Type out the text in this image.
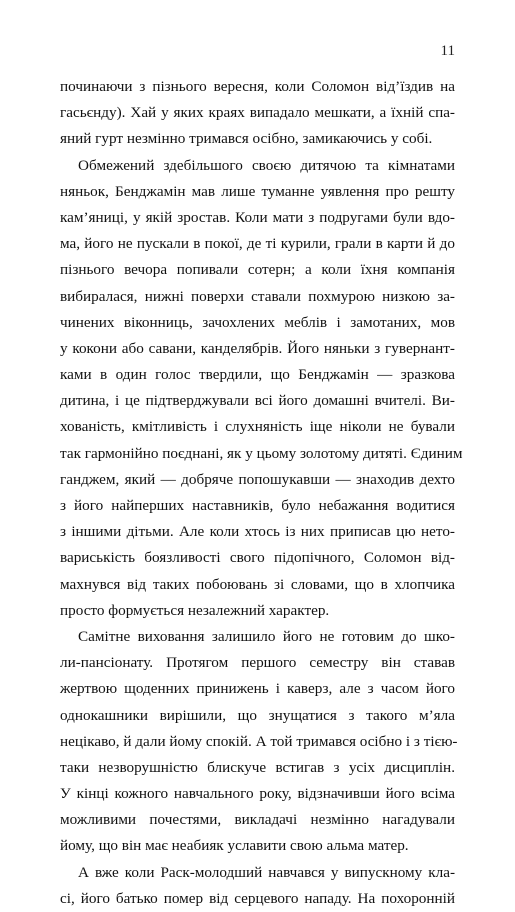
11
починаючи з пізнього вересня, коли Соломон від’їздив на
гасьєнду). Хай у яких краях випадало мешкати, а їхній спа-
яний гурт незмінно тримався осібно, замикаючись у собі.
Обмежений здебільшого своєю дитячою та кімнатами
няньок, Бенджамін мав лише туманне уявлення про решту
кам’яниці, у якій зростав. Коли мати з подругами були вдо-
ма, його не пускали в покої, де ті курили, грали в карти й до
пізнього вечора попивали сотерн; а коли їхня компанія
вибиралася, нижні поверхи ставали похмурою низкою за-
чинених віконниць, зачохлених меблів і замотаних, мов
у кокони або савани, канделябрів. Його няньки з гувернант-
ками в один голос твердили, що Бенджамін — зразкова
дитина, і це підтверджували всі його домашні вчителі. Ви-
хованість, кмітливість і слухняність іще ніколи не бували
так гармонійно поєднані, як у цьому золотому дитяті. Єдиним
ганджем, який — добряче попошукавши — знаходив дехто
з його найперших наставників, було небажання водитися
з іншими дітьми. Але коли хтось із них приписав цю нето-
вариськість боязливості свого підопічного, Соломон від-
махнувся від таких побоювань зі словами, що в хлопчика
просто формується незалежний характер.
Самітне виховання залишило його не готовим до шко-
ли-пансіонату. Протягом першого семестру він ставав
жертвою щоденних принижень і каверз, але з часом його
однокашники вирішили, що знущатися з такого м’яла
нецікаво, й дали йому спокій. А той тримався осібно і з тією-
таки незворушністю блискуче встигав з усіх дисциплін.
У кінці кожного навчального року, відзначивши його всіма
можливими почестями, викладачі незмінно нагадували
йому, що він має неабияк уславити свою альма матер.
А вже коли Раск-молодший навчався у випускному кла-
сі, його батько помер від серцевого нападу. На похоронній
